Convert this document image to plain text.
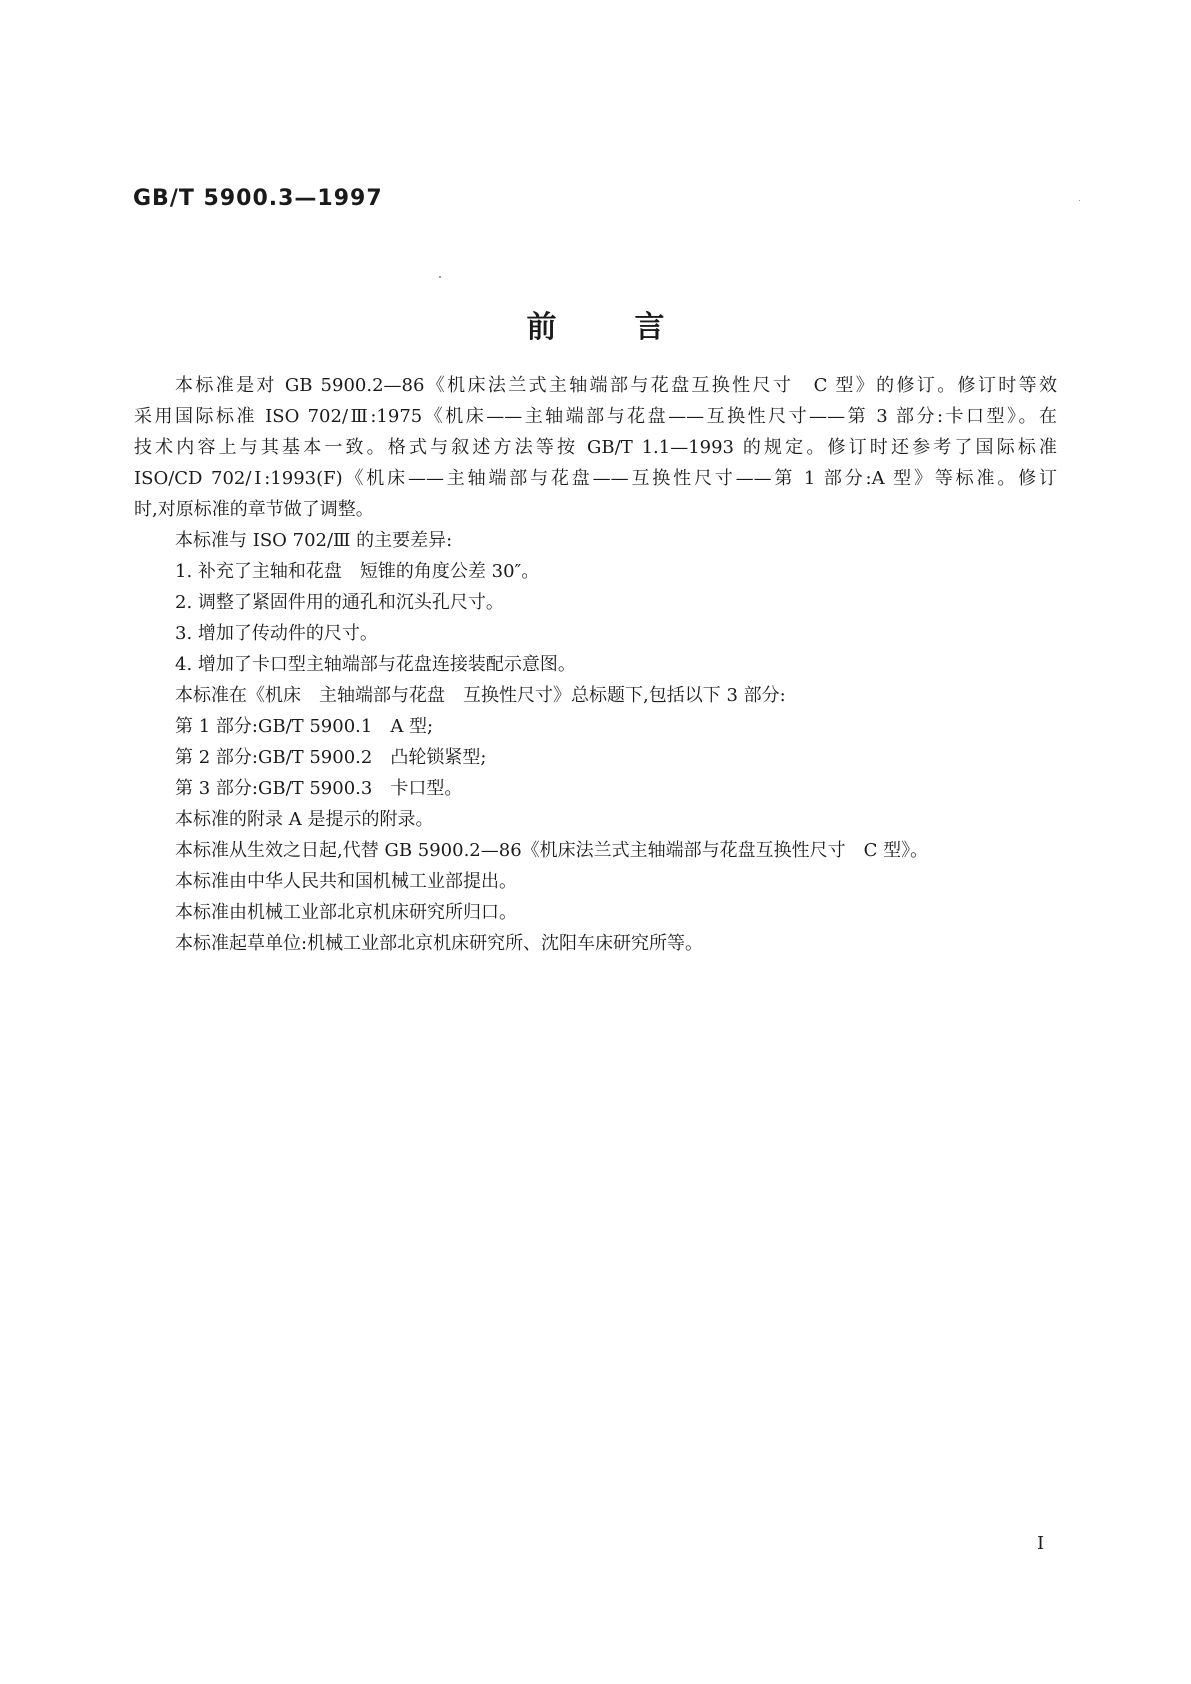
GB/T 5900.3—1997
前言
本标准是对 GB 5900.2—86《机床法兰式主轴端部与花盘互换性尺寸　C 型》的修订。修订时等效
采用国际标准 ISO 702/Ⅲ:1975《机床——主轴端部与花盘——互换性尺寸——第 3 部分:卡口型》。在
技术内容上与其基本一致。格式与叙述方法等按 GB/T 1.1—1993 的规定。修订时还参考了国际标准
ISO/CD 702/Ⅰ:1993(F)《机床——主轴端部与花盘——互换性尺寸——第 1 部分:A 型》等标准。修订
时,对原标准的章节做了调整。
本标准与 ISO 702/Ⅲ 的主要差异:
1. 补充了主轴和花盘　短锥的角度公差 30″。
2. 调整了紧固件用的通孔和沉头孔尺寸。
3. 增加了传动件的尺寸。
4. 增加了卡口型主轴端部与花盘连接装配示意图。
本标准在《机床　主轴端部与花盘　互换性尺寸》总标题下,包括以下 3 部分:
第 1 部分:GB/T 5900.1　A 型;
第 2 部分:GB/T 5900.2　凸轮锁紧型;
第 3 部分:GB/T 5900.3　卡口型。
本标准的附录 A 是提示的附录。
本标准从生效之日起,代替 GB 5900.2—86《机床法兰式主轴端部与花盘互换性尺寸　C 型》。
本标准由中华人民共和国机械工业部提出。
本标准由机械工业部北京机床研究所归口。
本标准起草单位:机械工业部北京机床研究所、沈阳车床研究所等。
I
